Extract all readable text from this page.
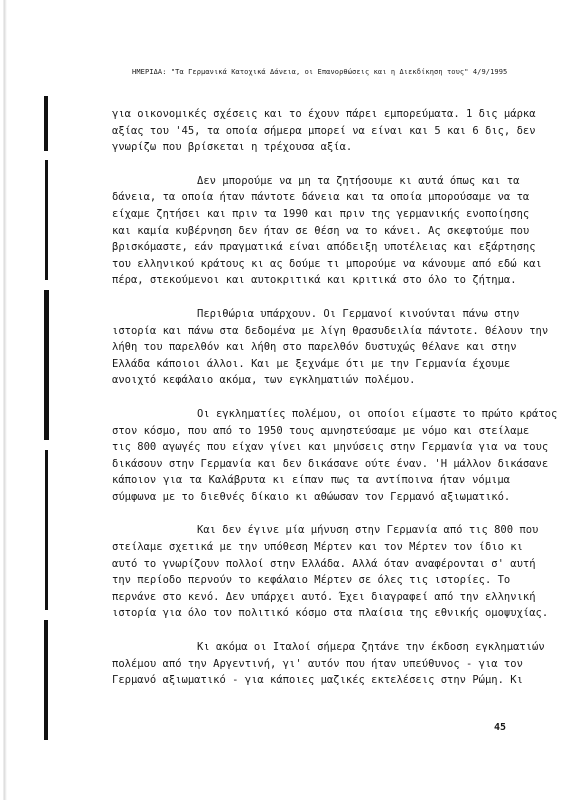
ΗΜΕΡΙΔΑ: "Τα Γερμανικά Κατοχικά Δάνεια, οι Επανορθώσεις και η Διεκδίκηση τους" 4/9/1995
για οικονομικές σχέσεις και το έχουν πάρει εμπορεύματα. 1 δις μάρκα
αξίας του '45, τα οποία σήμερα μπορεί να είναι και 5 και 6 δις, δεν
γνωρίζω που βρίσκεται η τρέχουσα αξία.
Δεν μπορούμε να μη τα ζητήσουμε κι αυτά όπως και τα
δάνεια, τα οποία ήταν πάντοτε δάνεια και τα οποία μπορούσαμε να τα
είχαμε ζητήσει και πριν τα 1990 και πριν της γερμανικής ενοποίησης
και καμία κυβέρνηση δεν ήταν σε θέση να το κάνει. Ας σκεφτούμε που
βρισκόμαστε, εάν πραγματικά είναι απόδειξη υποτέλειας και εξάρτησης
του ελληνικού κράτους κι ας δούμε τι μπορούμε να κάνουμε από εδώ και
πέρα, στεκούμενοι και αυτοκριτικά και κριτικά στο όλο το ζήτημα.
Περιθώρια υπάρχουν. Οι Γερμανοί κινούνται πάνω στην
ιστορία και πάνω στα δεδομένα με λίγη θρασυδειλία πάντοτε. Θέλουν την
λήθη του παρελθόν και λήθη στο παρελθόν δυστυχώς θέλανε και στην
Ελλάδα κάποιοι άλλοι. Και με ξεχνάμε ότι με την Γερμανία έχουμε
ανοιχτό κεφάλαιο ακόμα, των εγκληματιών πολέμου.
Οι εγκληματίες πολέμου, οι οποίοι είμαστε το πρώτο κράτος
στον κόσμο, που από το 1950 τους αμνηστεύσαμε με νόμο και στείλαμε
τις 800 αγωγές που είχαν γίνει και μηνύσεις στην Γερμανία για να τους
δικάσουν στην Γερμανία και δεν δικάσανε ούτε έναν. 'Η μάλλον δικάσανε
κάποιον για τα Καλάβρυτα κι είπαν πως τα αντίποινα ήταν νόμιμα
σύμφωνα με το διεθνές δίκαιο κι αθώωσαν τον Γερμανό αξιωματικό.
Και δεν έγινε μία μήνυση στην Γερμανία από τις 800 που
στείλαμε σχετικά με την υπόθεση Μέρτεν και τον Μέρτεν τον ίδιο κι
αυτό το γνωρίζουν πολλοί στην Ελλάδα. Αλλά όταν αναφέρονται σ' αυτή
την περίοδο περνούν το κεφάλαιο Μέρτεν σε όλες τις ιστορίες. Το
περνάνε στο κενό. Δεν υπάρχει αυτό. Έχει διαγραφεί από την ελληνική
ιστορία για όλο τον πολιτικό κόσμο στα πλαίσια της εθνικής ομοψυχίας.
Κι ακόμα οι Ιταλοί σήμερα ζητάνε την έκδοση εγκληματιών
πολέμου από την Αργεντινή, γι' αυτόν που ήταν υπεύθυνος - για τον
Γερμανό αξιωματικό - για κάποιες μαζικές εκτελέσεις στην Ρώμη. Κι
45
